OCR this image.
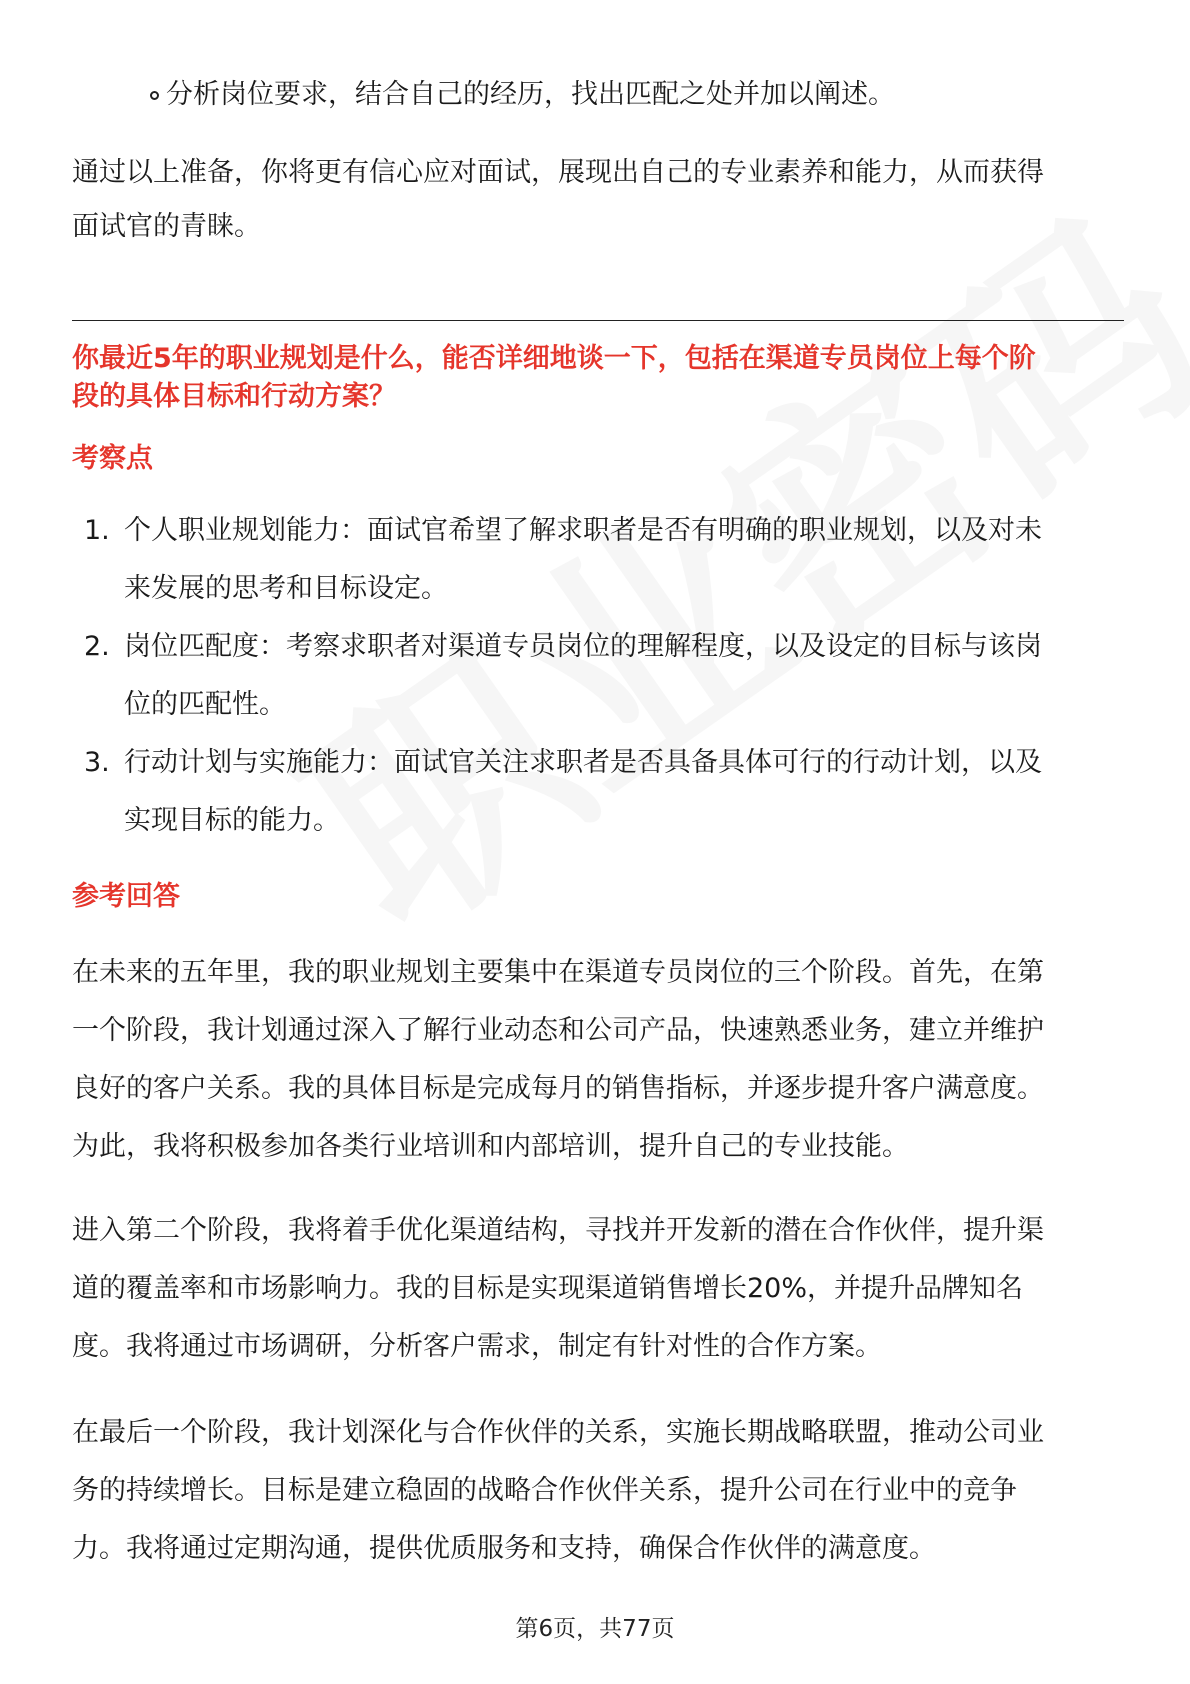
分析岗位要求，结合自己的经历，找出匹配之处并加以阐述。

通过以上准备，你将更有信心应对面试，展现出自己的专业素养和能力，从而获得

面试官的青睐。

你最近5年的职业规划是什么，能否详细地谈一下，包括在渠道专员岗位上每个阶

段的具体目标和行动方案？

考察点

1. 个人职业规划能力：面试官希望了解求职者是否有明确的职业规划，以及对未

来发展的思考和目标设定。

2. 岗位匹配度：考察求职者对渠道专员岗位的理解程度，以及设定的目标与该岗

位的匹配性。

3. 行动计划与实施能力：面试官关注求职者是否具备具体可行的行动计划，以及

实现目标的能力。

参考回答

在未来的五年里，我的职业规划主要集中在渠道专员岗位的三个阶段。首先，在第

一个阶段，我计划通过深入了解行业动态和公司产品，快速熟悉业务，建立并维护

良好的客户关系。我的具体目标是完成每月的销售指标，并逐步提升客户满意度。

为此，我将积极参加各类行业培训和内部培训，提升自己的专业技能。

进入第二个阶段，我将着手优化渠道结构，寻找并开发新的潜在合作伙伴，提升渠

道的覆盖率和市场影响力。我的目标是实现渠道销售增长20%，并提升品牌知名

度。我将通过市场调研，分析客户需求，制定有针对性的合作方案。

在最后一个阶段，我计划深化与合作伙伴的关系，实施长期战略联盟，推动公司业

务的持续增长。目标是建立稳固的战略合作伙伴关系，提升公司在行业中的竞争

力。我将通过定期沟通，提供优质服务和支持，确保合作伙伴的满意度。

第6页，共77页
